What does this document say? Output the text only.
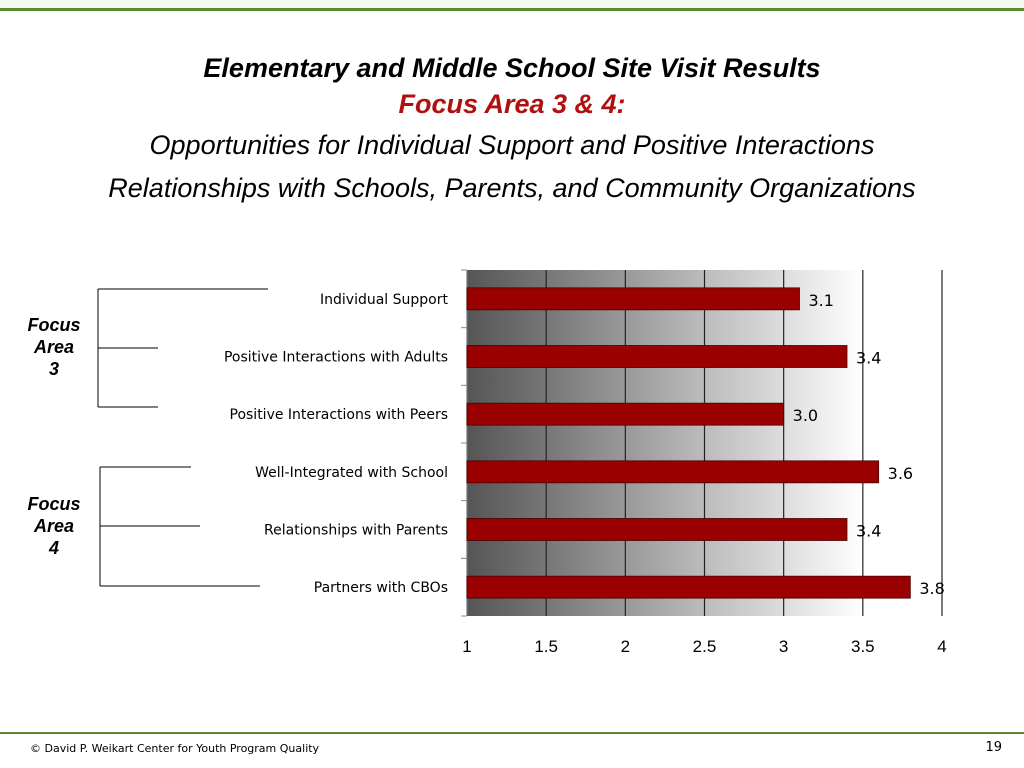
Elementary and Middle School Site Visit Results
Focus Area 3 & 4:
Opportunities for Individual Support and Positive Interactions
Relationships with Schools, Parents, and Community Organizations
Focus
Area
3
Focus
Area
4
Individual Support	3.1
Positive Interactions with Adults	3.4
Positive Interactions with Peers	3.0
Well-Integrated with School	3.6
Relationships with Parents	3.4
Partners with CBOs	3.8
1	1.5	2	2.5	3	3.5	4
© David P. Weikart Center for Youth Program Quality	19
